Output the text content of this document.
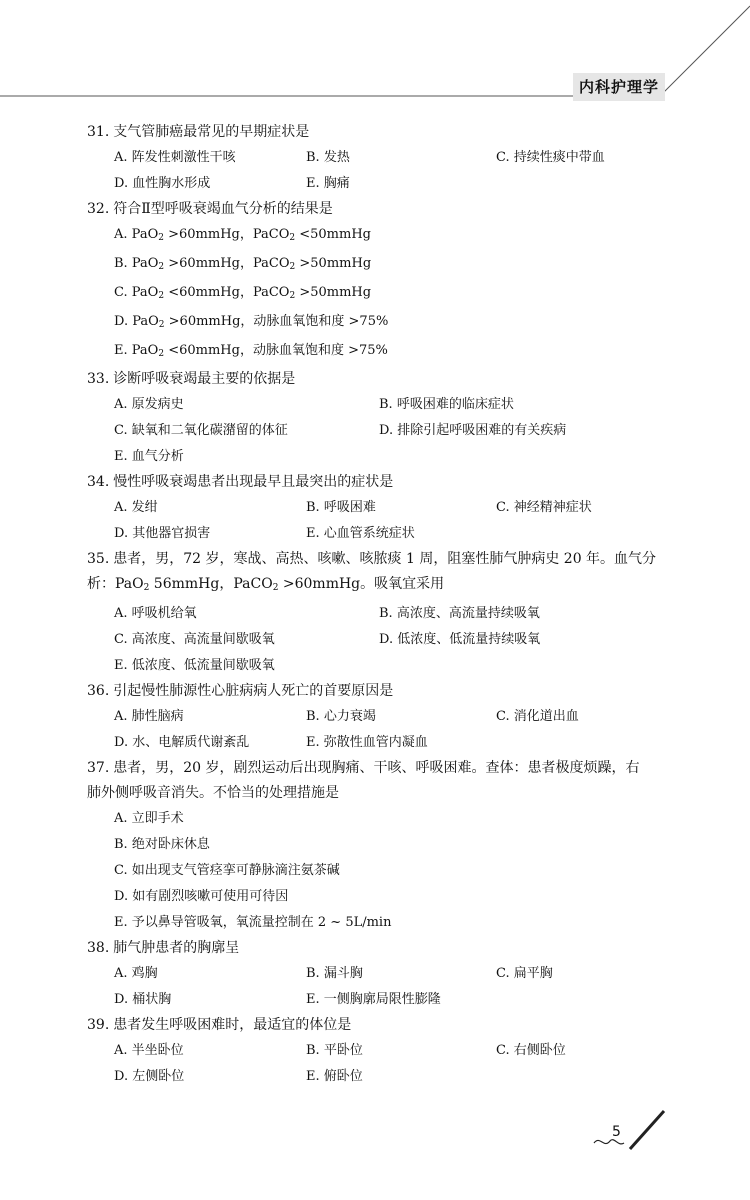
内科护理学
31. 支气管肺癌最常见的早期症状是
A. 阵发性刺激性干咳	B. 发热	C. 持续性痰中带血
D. 血性胸水形成	E. 胸痛
32. 符合Ⅱ型呼吸衰竭血气分析的结果是
A. PaO$_2$ >60mmHg，PaCO$_2$ <50mmHg
B. PaO$_2$ >60mmHg，PaCO$_2$ >50mmHg
C. PaO$_2$ <60mmHg，PaCO$_2$ >50mmHg
D. PaO$_2$ >60mmHg，动脉血氧饱和度 >75%
E. PaO$_2$ <60mmHg，动脉血氧饱和度 >75%
33. 诊断呼吸衰竭最主要的依据是
A. 原发病史	B. 呼吸困难的临床症状
C. 缺氧和二氧化碳潴留的体征	D. 排除引起呼吸困难的有关疾病
E. 血气分析
34. 慢性呼吸衰竭患者出现最早且最突出的症状是
A. 发绀	B. 呼吸困难	C. 神经精神症状
D. 其他器官损害	E. 心血管系统症状
35. 患者，男，72 岁，寒战、高热、咳嗽、咳脓痰 1 周，阻塞性肺气肿病史 20 年。血气分
析：PaO$_2$ 56mmHg，PaCO$_2$ >60mmHg。吸氧宜采用
A. 呼吸机给氧	B. 高浓度、高流量持续吸氧
C. 高浓度、高流量间歇吸氧	D. 低浓度、低流量持续吸氧
E. 低浓度、低流量间歇吸氧
36. 引起慢性肺源性心脏病病人死亡的首要原因是
A. 肺性脑病	B. 心力衰竭	C. 消化道出血
D. 水、电解质代谢紊乱	E. 弥散性血管内凝血
37. 患者，男，20 岁，剧烈运动后出现胸痛、干咳、呼吸困难。查体：患者极度烦躁，右
肺外侧呼吸音消失。不恰当的处理措施是
A. 立即手术
B. 绝对卧床休息
C. 如出现支气管痉挛可静脉滴注氨茶碱
D. 如有剧烈咳嗽可使用可待因
E. 予以鼻导管吸氧，氧流量控制在 2 ~ 5L/min
38. 肺气肿患者的胸廓呈
A. 鸡胸	B. 漏斗胸	C. 扁平胸
D. 桶状胸	E. 一侧胸廓局限性膨隆
39. 患者发生呼吸困难时，最适宜的体位是
A. 半坐卧位	B. 平卧位	C. 右侧卧位
D. 左侧卧位	E. 俯卧位
5
